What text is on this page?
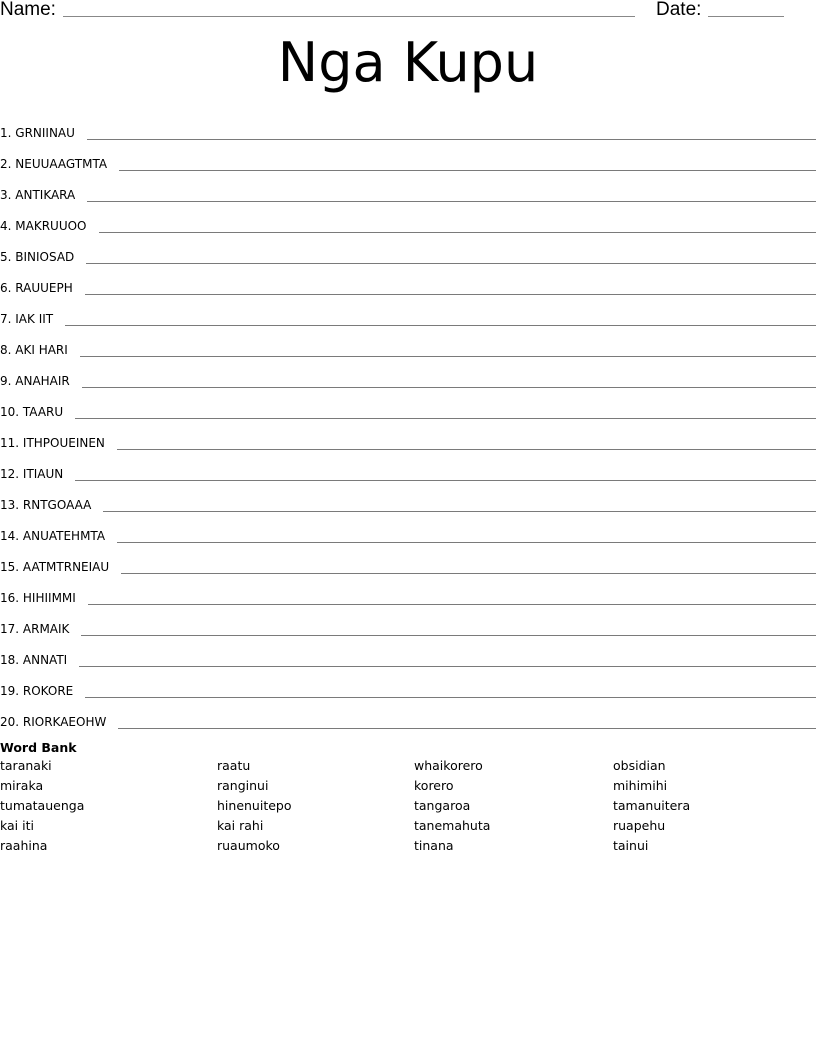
Name:	Date:
Nga Kupu
1. GRNIINAU
2. NEUUAAGTMTA
3. ANTIKARA
4. MAKRUUOO
5. BINIOSAD
6. RAUUEPH
7. IAK IIT
8. AKI HARI
9. ANAHAIR
10. TAARU
11. ITHPOUEINEN
12. ITIAUN
13. RNTGOAAA
14. ANUATEHMTA
15. AATMTRNEIAU
16. HIHIIMMI
17. ARMAIK
18. ANNATI
19. ROKORE
20. RIORKAEOHW
Word Bank
taranaki	raatu	whaikorero	obsidian
miraka	ranginui	korero	mihimihi
tumatauenga	hinenuitepo	tangaroa	tamanuitera
kai iti	kai rahi	tanemahuta	ruapehu
raahina	ruaumoko	tinana	tainui
